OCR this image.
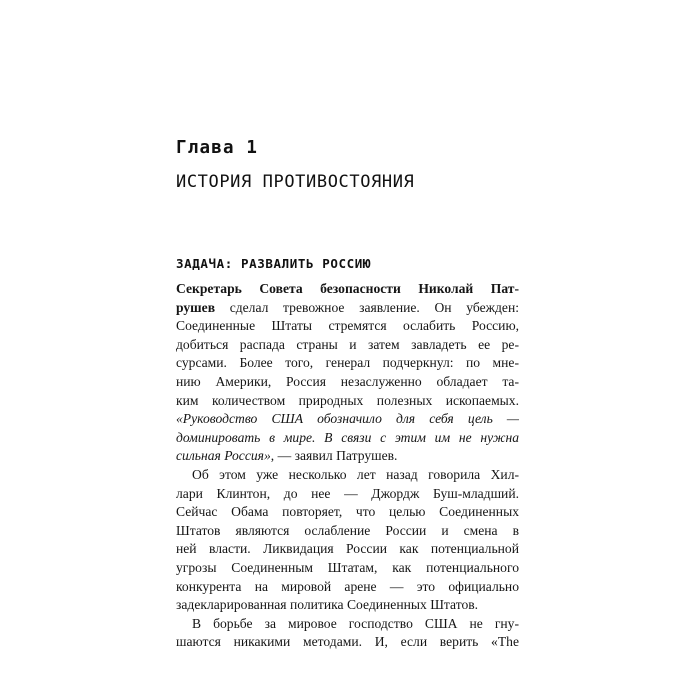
Глава 1
ИСТОРИЯ ПРОТИВОСТОЯНИЯ
ЗАДАЧА: РАЗВАЛИТЬ РОССИЮ
Секретарь Совета безопасности Николай Пат-
рушев сделал тревожное заявление. Он убежден:
Соединенные Штаты стремятся ослабить Россию,
добиться распада страны и затем завладеть ее ре-
сурсами. Более того, генерал подчеркнул: по мне-
нию Америки, Россия незаслуженно обладает та-
ким количеством природных полезных ископаемых.
«Руководство США обозначило для себя цель —
доминировать в мире. В связи с этим им не нужна
сильная Россия», — заявил Патрушев.
Об этом уже несколько лет назад говорила Хил-
лари Клинтон, до нее — Джордж Буш-младший.
Сейчас Обама повторяет, что целью Соединенных
Штатов являются ослабление России и смена в
ней власти. Ликвидация России как потенциальной
угрозы Соединенным Штатам, как потенциального
конкурента на мировой арене — это официально
задекларированная политика Соединенных Штатов.
В борьбе за мировое господство США не гну-
шаются никакими методами. И, если верить «The
